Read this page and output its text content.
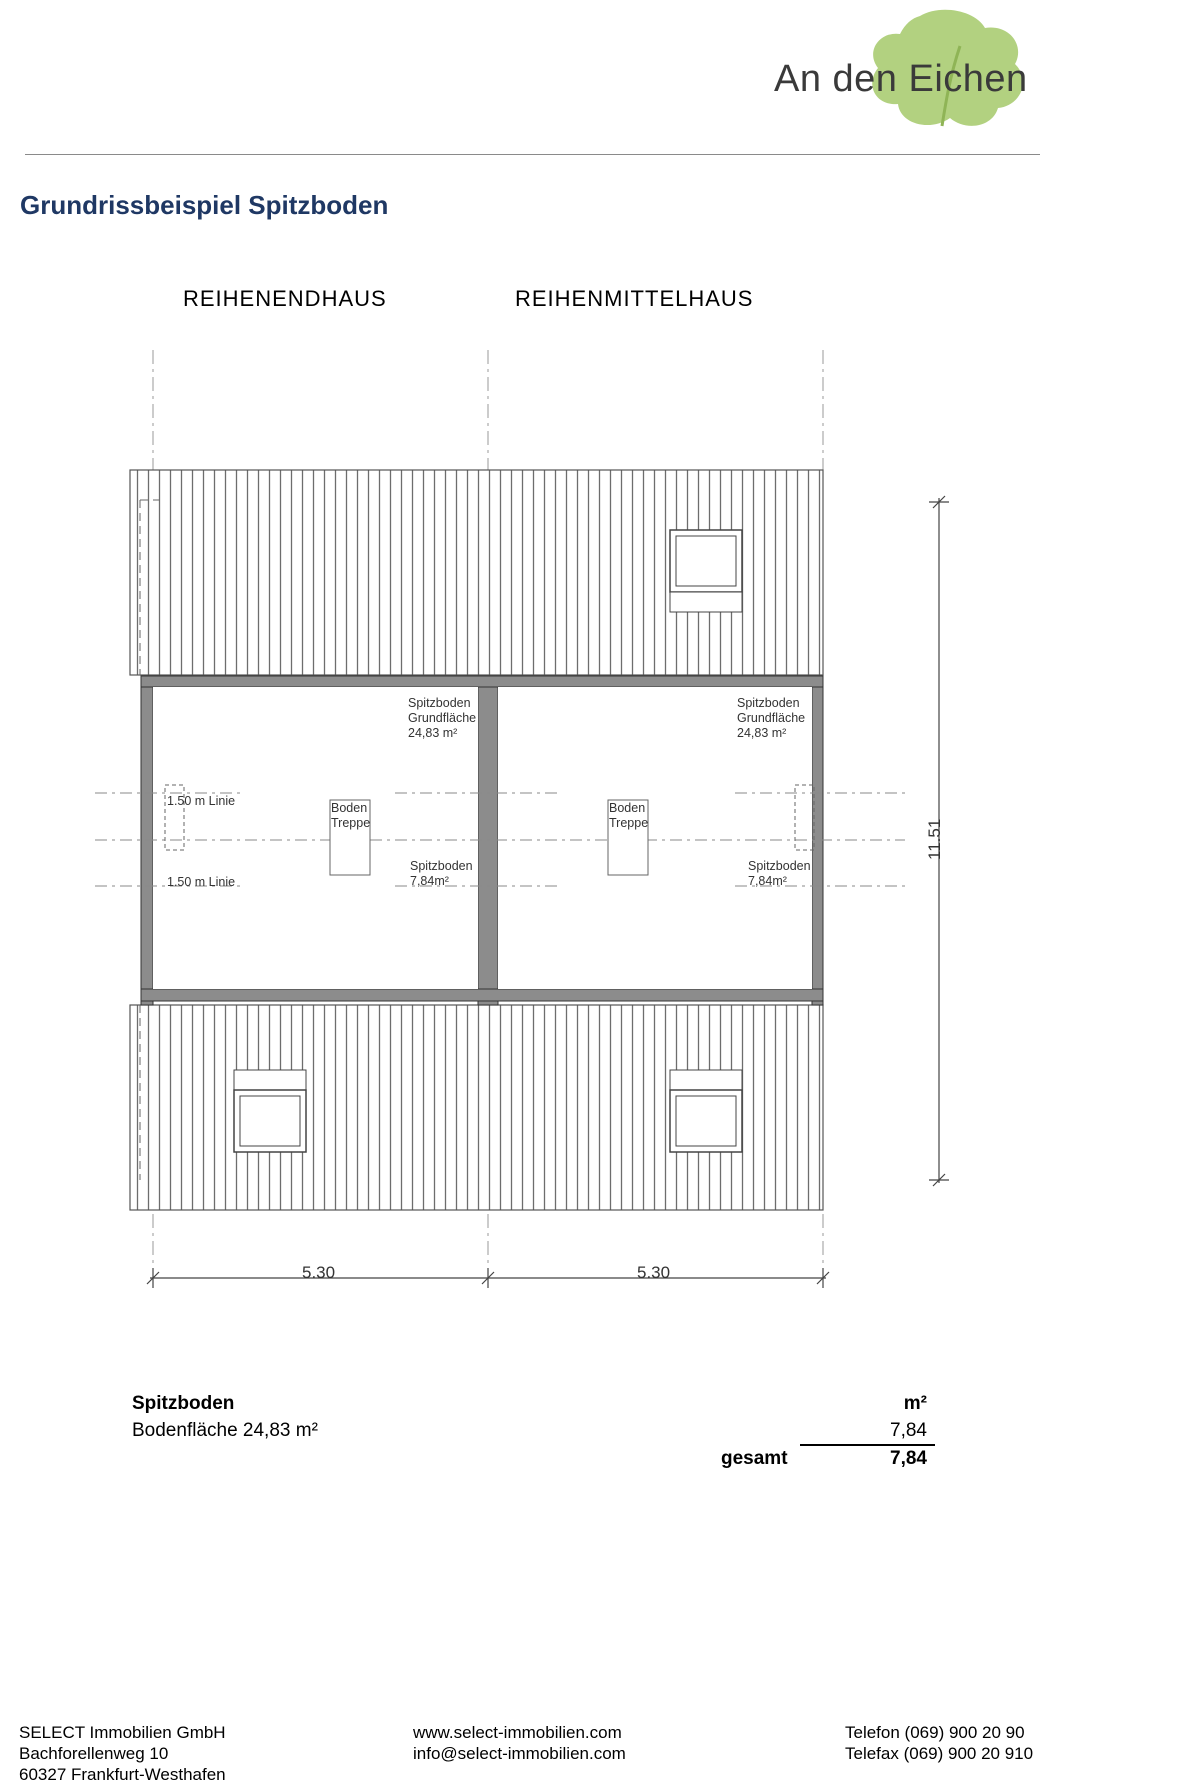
An den Eichen
Grundrissbeispiel Spitzboden
REIHENENDHAUS	REIHENMITTELHAUS
Spitzboden
Grundfläche
24,83 m²
Spitzboden
Grundfläche
24,83 m²
Boden
Treppe
Boden
Treppe
Spitzboden
7,84m²
Spitzboden
7,84m²
1.50 m Linie
1.50 m Linie
5.30	5.30
11.51
Spitzboden	m²
Bodenfläche 24,83 m²	7,84
gesamt	7,84
SELECT Immobilien GmbH
Bachforellenweg 10
60327 Frankfurt-Westhafen
www.select-immobilien.com
info@select-immobilien.com
Telefon (069) 900 20 90
Telefax (069) 900 20 910
